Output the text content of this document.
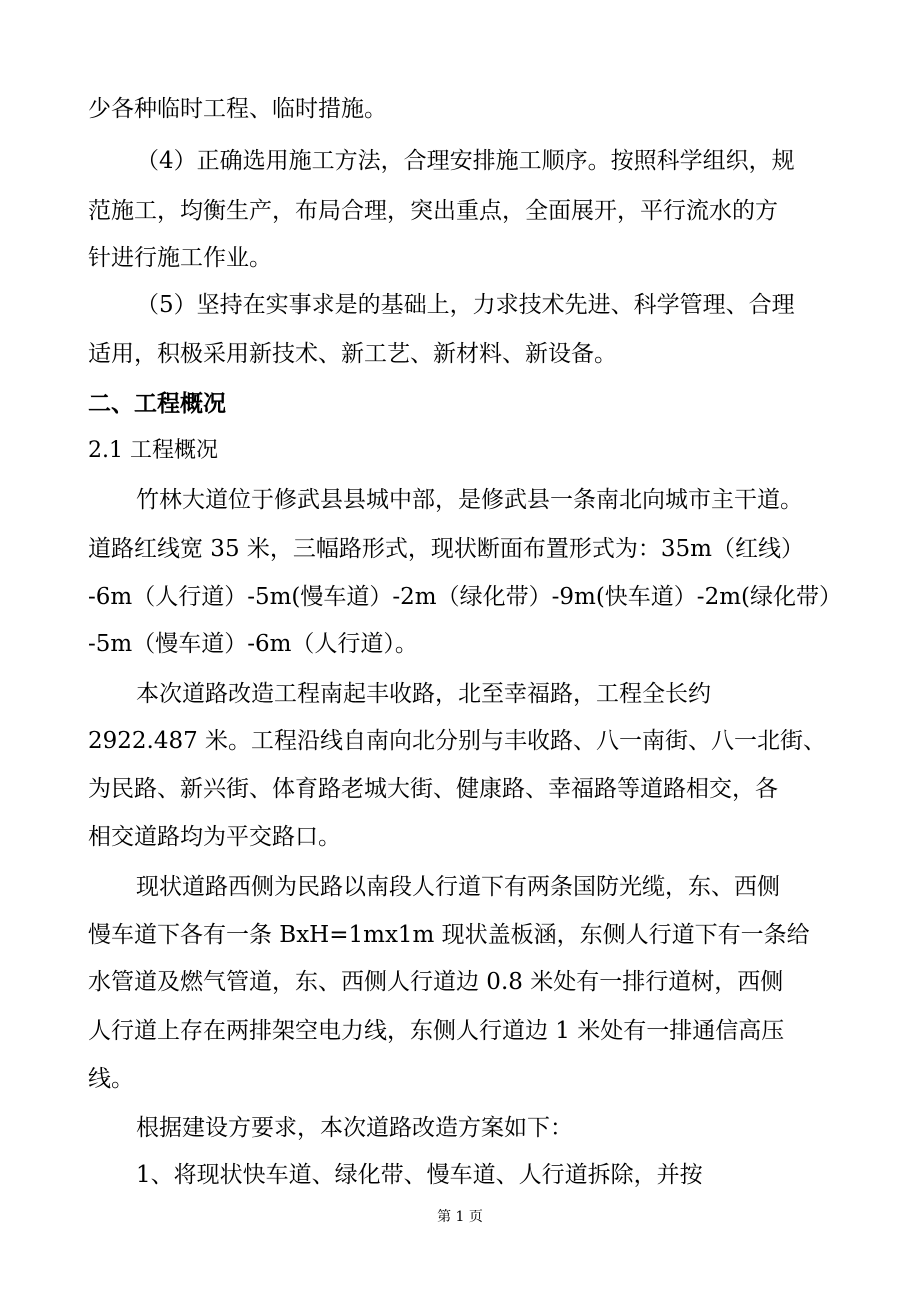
少各种临时工程、临时措施。
（4）正确选用施工方法，合理安排施工顺序。按照科学组织，规
范施工，均衡生产，布局合理，突出重点，全面展开，平行流水的方
针进行施工作业。
（5）坚持在实事求是的基础上，力求技术先进、科学管理、合理
适用，积极采用新技术、新工艺、新材料、新设备。
二、工程概况
2.1 工程概况
竹林大道位于修武县县城中部，是修武县一条南北向城市主干道。
道路红线宽 35 米，三幅路形式，现状断面布置形式为：35m（红线）
-6m（人行道）-5m(慢车道）-2m（绿化带）-9m(快车道）-2m(绿化带）
-5m（慢车道）-6m（人行道）。
本次道路改造工程南起丰收路，北至幸福路，工程全长约
2922.487 米。工程沿线自南向北分别与丰收路、八一南街、八一北街、
为民路、新兴街、体育路老城大街、健康路、幸福路等道路相交，各
相交道路均为平交路口。
现状道路西侧为民路以南段人行道下有两条国防光缆，东、西侧
慢车道下各有一条 BxH=1mx1m 现状盖板涵，东侧人行道下有一条给
水管道及燃气管道，东、西侧人行道边 0.8 米处有一排行道树，西侧
人行道上存在两排架空电力线，东侧人行道边 1 米处有一排通信高压
线。
根据建设方要求，本次道路改造方案如下：
1、将现状快车道、绿化带、慢车道、人行道拆除，并按
第 1 页
